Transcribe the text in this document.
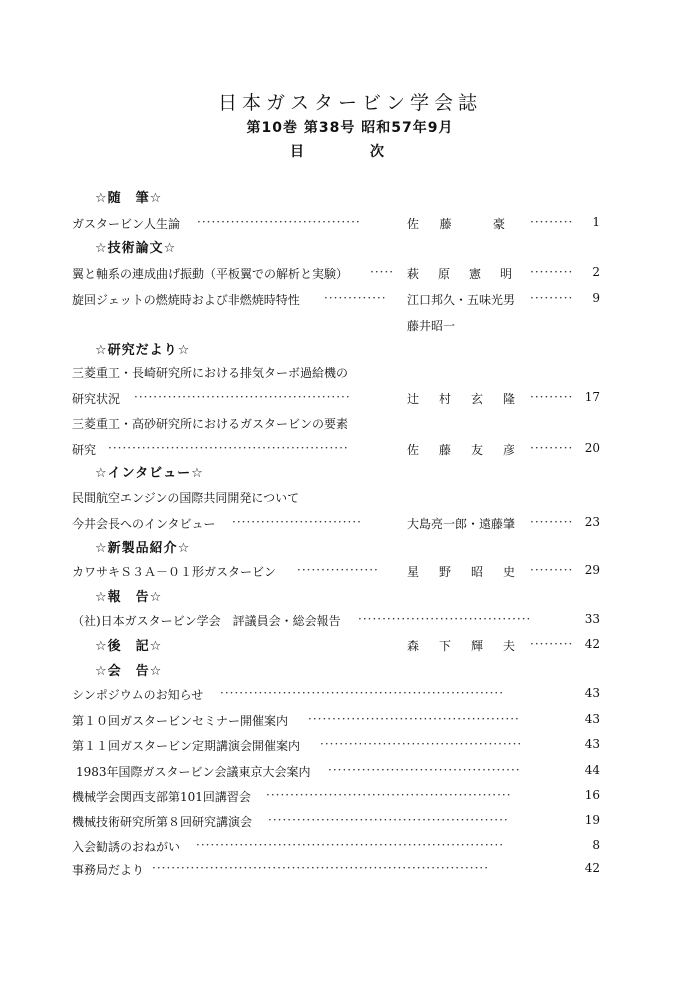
日本ガスタービン学会誌
第10巻 第38号 昭和57年9月
目	次
☆随　筆☆
ガスタービン人生論 ··································	佐 藤	豪 ·········	1
☆技術論文☆
翼と軸系の連成曲げ振動（平板翼での解析と実験） ·····	萩 原 憲 明 ·········	2
旋回ジェットの燃焼時および非燃焼時特性 ·············	江口邦久・五味光男 ·········	9
藤井昭一
☆研究だより☆
三菱重工・長崎研究所における排気ターボ過給機の
研究状況 ·············································	辻 村 玄 隆 ········· 17
三菱重工・高砂研究所におけるガスタービンの要素
研究 ··················································	佐 藤 友 彦 ········· 20
☆インタビュー☆
民間航空エンジンの国際共同開発について
今井会長へのインタビュー ···························	大島亮一郎・遠藤肇 ········· 23
☆新製品紹介☆
カワサキＳ３Ａ－０１形ガスタービン ·················	星 野 昭 史 ········· 29
☆報　告☆
（社)日本ガスタービン学会　評議員会・総会報告 ····································	33
☆後　記☆	森 下 輝 夫 ········· 42
☆会　告☆
シンポジウムのお知らせ ···························································	43
第１０回ガスタービンセミナー開催案内 ············································	43
第１１回ガスタービン定期講演会開催案内 ··········································	43
1983年国際ガスタービン会議東京大会案内 ········································	44
機械学会関西支部第101回講習会 ···················································	16
機械技術研究所第８回研究講演会 ··················································	19
入会勧誘のおねがい ································································	8
事務局だより ······································································	42
